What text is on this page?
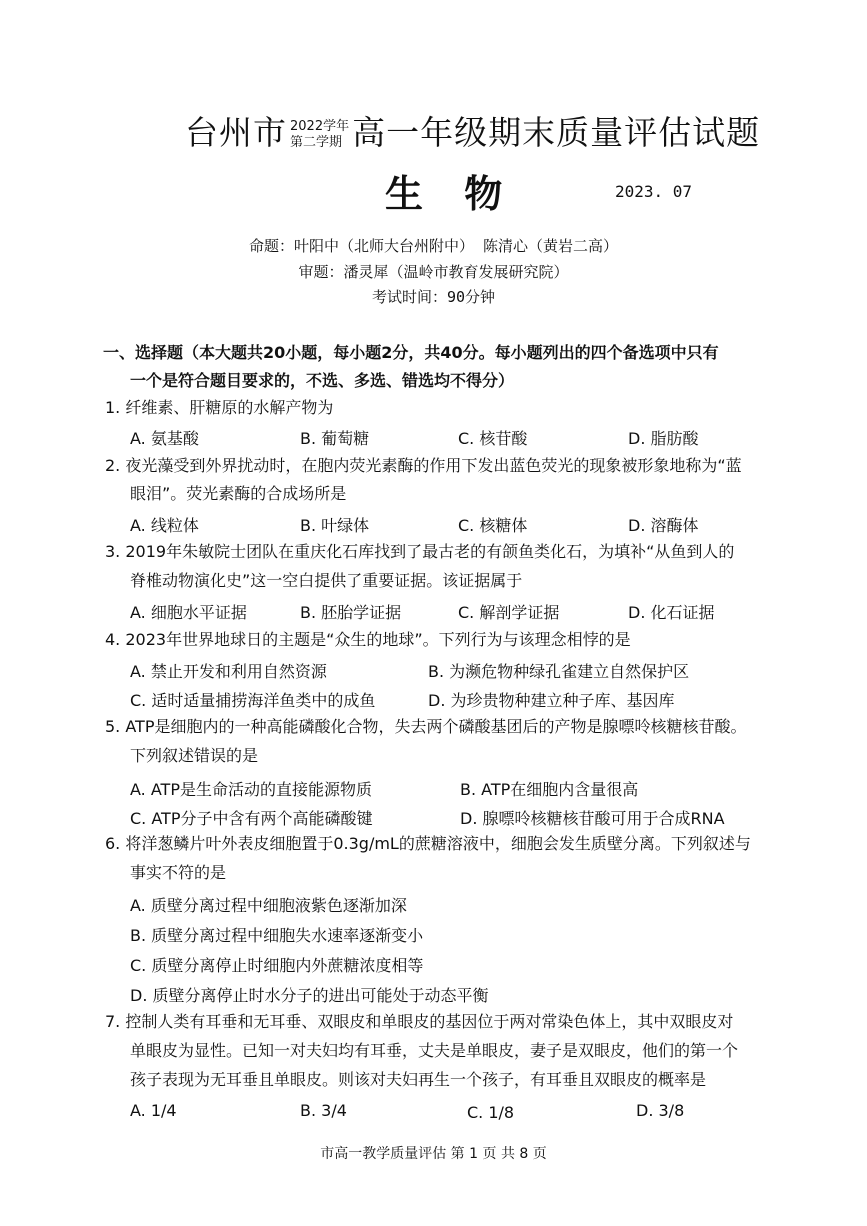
台州市 2022学年
第二学期 高一年级期末质量评估试题
生 物	2023. 07
命题：叶阳中（北师大台州附中） 陈清心（黄岩二高）
审题：潘灵犀（温岭市教育发展研究院）
考试时间：90分钟
一、选择题（本大题共20小题，每小题2分，共40分。每小题列出的四个备选项中只有
一个是符合题目要求的，不选、多选、错选均不得分）
1. 纤维素、肝糖原的水解产物为
A. 氨基酸	B. 葡萄糖	C. 核苷酸	D. 脂肪酸
2. 夜光藻受到外界扰动时，在胞内荧光素酶的作用下发出蓝色荧光的现象被形象地称为“蓝
眼泪”。荧光素酶的合成场所是
A. 线粒体	B. 叶绿体	C. 核糖体	D. 溶酶体
3. 2019年朱敏院士团队在重庆化石库找到了最古老的有颌鱼类化石，为填补“从鱼到人的
脊椎动物演化史”这一空白提供了重要证据。该证据属于
A. 细胞水平证据	B. 胚胎学证据	C. 解剖学证据	D. 化石证据
4. 2023年世界地球日的主题是“众生的地球”。下列行为与该理念相悖的是
A. 禁止开发和利用自然资源	B. 为濒危物种绿孔雀建立自然保护区
C. 适时适量捕捞海洋鱼类中的成鱼	D. 为珍贵物种建立种子库、基因库
5. ATP是细胞内的一种高能磷酸化合物，失去两个磷酸基团后的产物是腺嘌呤核糖核苷酸。
下列叙述错误的是
A. ATP是生命活动的直接能源物质	B. ATP在细胞内含量很高
C. ATP分子中含有两个高能磷酸键	D. 腺嘌呤核糖核苷酸可用于合成RNA
6. 将洋葱鳞片叶外表皮细胞置于0.3g/mL的蔗糖溶液中，细胞会发生质壁分离。下列叙述与
事实不符的是
A. 质壁分离过程中细胞液紫色逐渐加深
B. 质壁分离过程中细胞失水速率逐渐变小
C. 质壁分离停止时细胞内外蔗糖浓度相等
D. 质壁分离停止时水分子的进出可能处于动态平衡
7. 控制人类有耳垂和无耳垂、双眼皮和单眼皮的基因位于两对常染色体上，其中双眼皮对
单眼皮为显性。已知一对夫妇均有耳垂，丈夫是单眼皮，妻子是双眼皮，他们的第一个
孩子表现为无耳垂且单眼皮。则该对夫妇再生一个孩子，有耳垂且双眼皮的概率是
A. 1/4	B. 3/4	C. 1/8	D. 3/8
市高一教学质量评估 第 1 页 共 8 页
